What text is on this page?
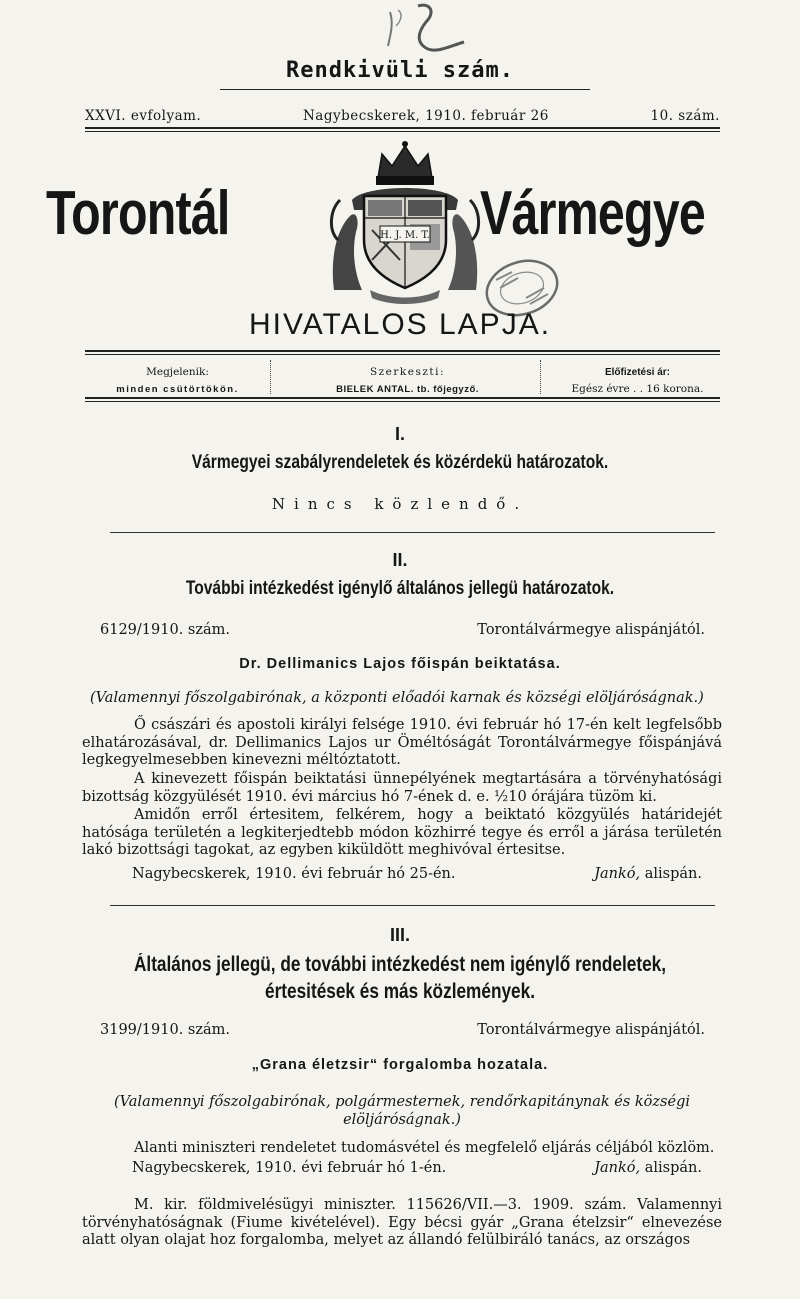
Rendkivüli szám.
XXVI. evfolyam.	Nagybecskerek, 1910. február 26	10. szám.
Torontál	Vármegye
H. J. M. T.
HIVATALOS LAPJA.
Megjelenik:
minden csütörtökön.
Szerkeszti:
BIELEK ANTAL. tb. főjegyző.
Előfizetési ár:
Egész évre . . 16 korona.
I.
Vármegyei szabályrendeletek és közérdekü határozatok.
Nincs közlendő.
II.
További intézkedést igénylő általános jellegü határozatok.
6129/1910. szám.	Torontálvármegye alispánjától.
Dr. Dellimanics Lajos főispán beiktatása.
(Valamennyi főszolgabirónak, a központi előadói karnak és községi elöljáróságnak.)
Ő császári és apostoli királyi felsége 1910. évi február hó 17-én kelt legfelsőbb elhatározásával, dr. Dellimanics Lajos ur Öméltóságát Torontálvármegye főispánjává legkegyelmesebben kinevezni méltóztatott.
A kinevezett főispán beiktatási ünnepélyének megtartására a törvényhatósági bizottság közgyülését 1910. évi március hó 7-ének d. e. ½10 órájára tüzöm ki.
Amidőn erről értesitem, felkérem, hogy a beiktató közgyülés határidejét hatósága területén a legkiterjedtebb módon közhirré tegye és erről a járása területén lakó bizottsági tagokat, az egyben kiküldött meghivóval értesitse.
Nagybecskerek, 1910. évi február hó 25-én.	Jankó, alispán.
III.
Általános jellegü, de további intézkedést nem igénylő rendeletek,
értesitések és más közlemények.
3199/1910. szám.	Torontálvármegye alispánjától.
„Grana életzsir“ forgalomba hozatala.
(Valamennyi főszolgabirónak, polgármesternek, rendőrkapitánynak és községi elöljáróságnak.)
Alanti miniszteri rendeletet tudomásvétel és megfelelő eljárás céljából közlöm.
Nagybecskerek, 1910. évi február hó 1-én.	Jankó, alispán.
M. kir. földmivelésügyi miniszter. 115626/VII.—3. 1909. szám. Valamennyi törvényhatóságnak (Fiume kivételével). Egy bécsi gyár „Grana ételzsir“ elnevezése alatt olyan olajat hoz forgalomba, melyet az állandó felülbiráló tanács, az országos
